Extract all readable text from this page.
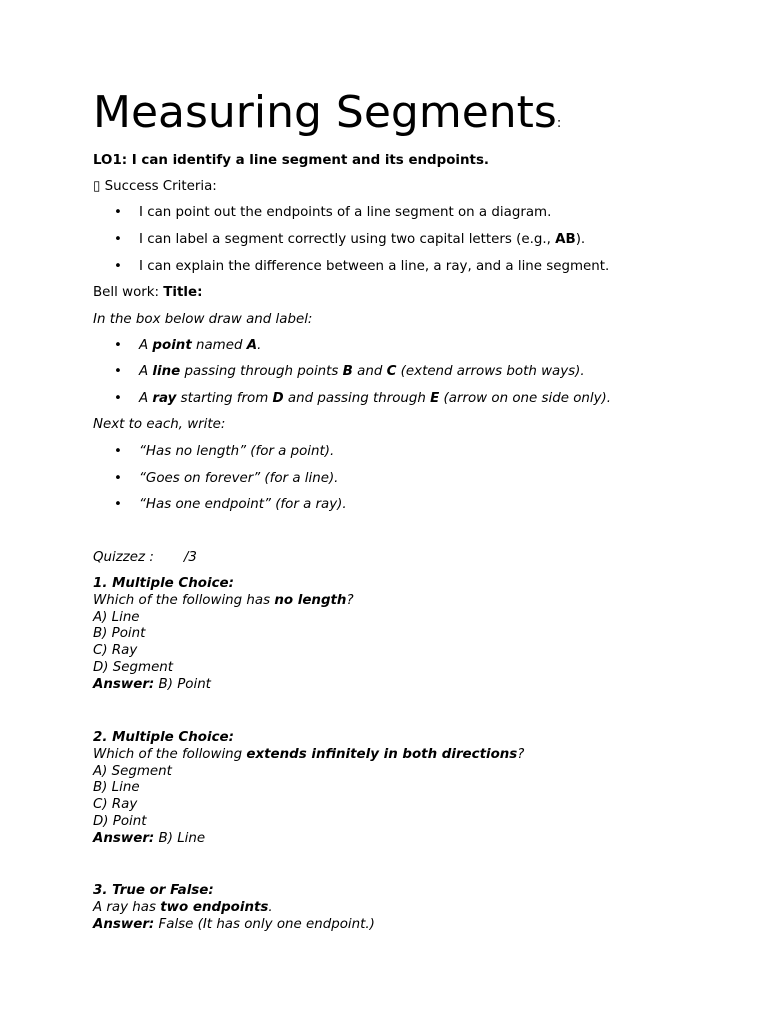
Measuring Segments:
LO1: I can identify a line segment and its endpoints.
▯ Success Criteria:
• I can point out the endpoints of a line segment on a diagram.
• I can label a segment correctly using two capital letters (e.g., AB).
• I can explain the difference between a line, a ray, and a line segment.
Bell work: Title:
In the box below draw and label:
• A point named A.
• A line passing through points B and C (extend arrows both ways).
• A ray starting from D and passing through E (arrow on one side only).
Next to each, write:
• “Has no length” (for a point).
• “Goes on forever” (for a line).
• “Has one endpoint” (for a ray).
Quizzez : /3
1. Multiple Choice:
Which of the following has no length?
A) Line
B) Point
C) Ray
D) Segment
Answer: B) Point
2. Multiple Choice:
Which of the following extends infinitely in both directions?
A) Segment
B) Line
C) Ray
D) Point
Answer: B) Line
3. True or False:
A ray has two endpoints.
Answer: False (It has only one endpoint.)
